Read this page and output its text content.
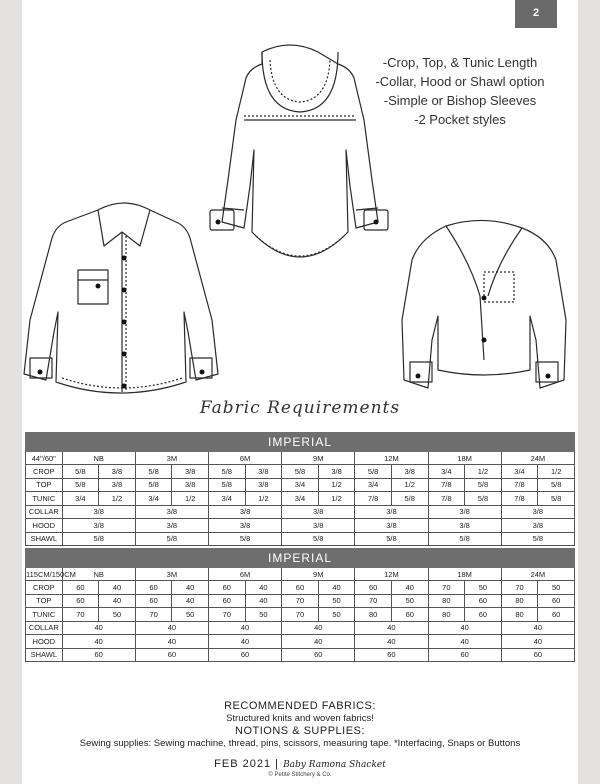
2
-Crop, Top, & Tunic Length
-Collar, Hood or Shawl option
-Simple or Bishop Sleeves
-2 Pocket styles
Fabric Requirements
IMPERIAL														
44"/60"	NB		3M		6M		9M		12M		18M		24M	
CROP	5/8	3/8	5/8	3/8	5/8	3/8	5/8	3/8	5/8	3/8	3/4	1/2	3/4	1/2
TOP	5/8	3/8	5/8	3/8	5/8	3/8	3/4	1/2	3/4	1/2	7/8	5/8	7/8	5/8
TUNIC	3/4	1/2	3/4	1/2	3/4	1/2	3/4	1/2	7/8	5/8	7/8	5/8	7/8	5/8
COLLAR	3/8		3/8		3/8		3/8		3/8		3/8		3/8	
HOOD	3/8		3/8		3/8		3/8		3/8		3/8		3/8	
SHAWL	5/8		5/8		5/8		5/8		5/8		5/8		5/8	
IMPERIAL														
115CM/150CM	NB		3M		6M		9M		12M		18M		24M	
CROP	60	40	60	40	60	40	60	40	60	40	70	50	70	50
TOP	60	40	60	40	60	40	70	50	70	50	80	60	80	60
TUNIC	70	50	70	50	70	50	70	50	80	60	80	60	80	60
COLLAR	40		40		40		40		40		40		40	
HOOD	40		40		40		40		40		40		40	
SHAWL	60		60		60		60		60		60		60	
RECOMMENDED FABRICS:
Structured knits and woven fabrics!
NOTIONS & SUPPLIES:
Sewing supplies: Sewing machine, thread, pins, scissors, measuring tape. *Interfacing, Snaps or Buttons
FEB 2021 | Baby Ramona Shacket
© Petite Stitchery & Co.
